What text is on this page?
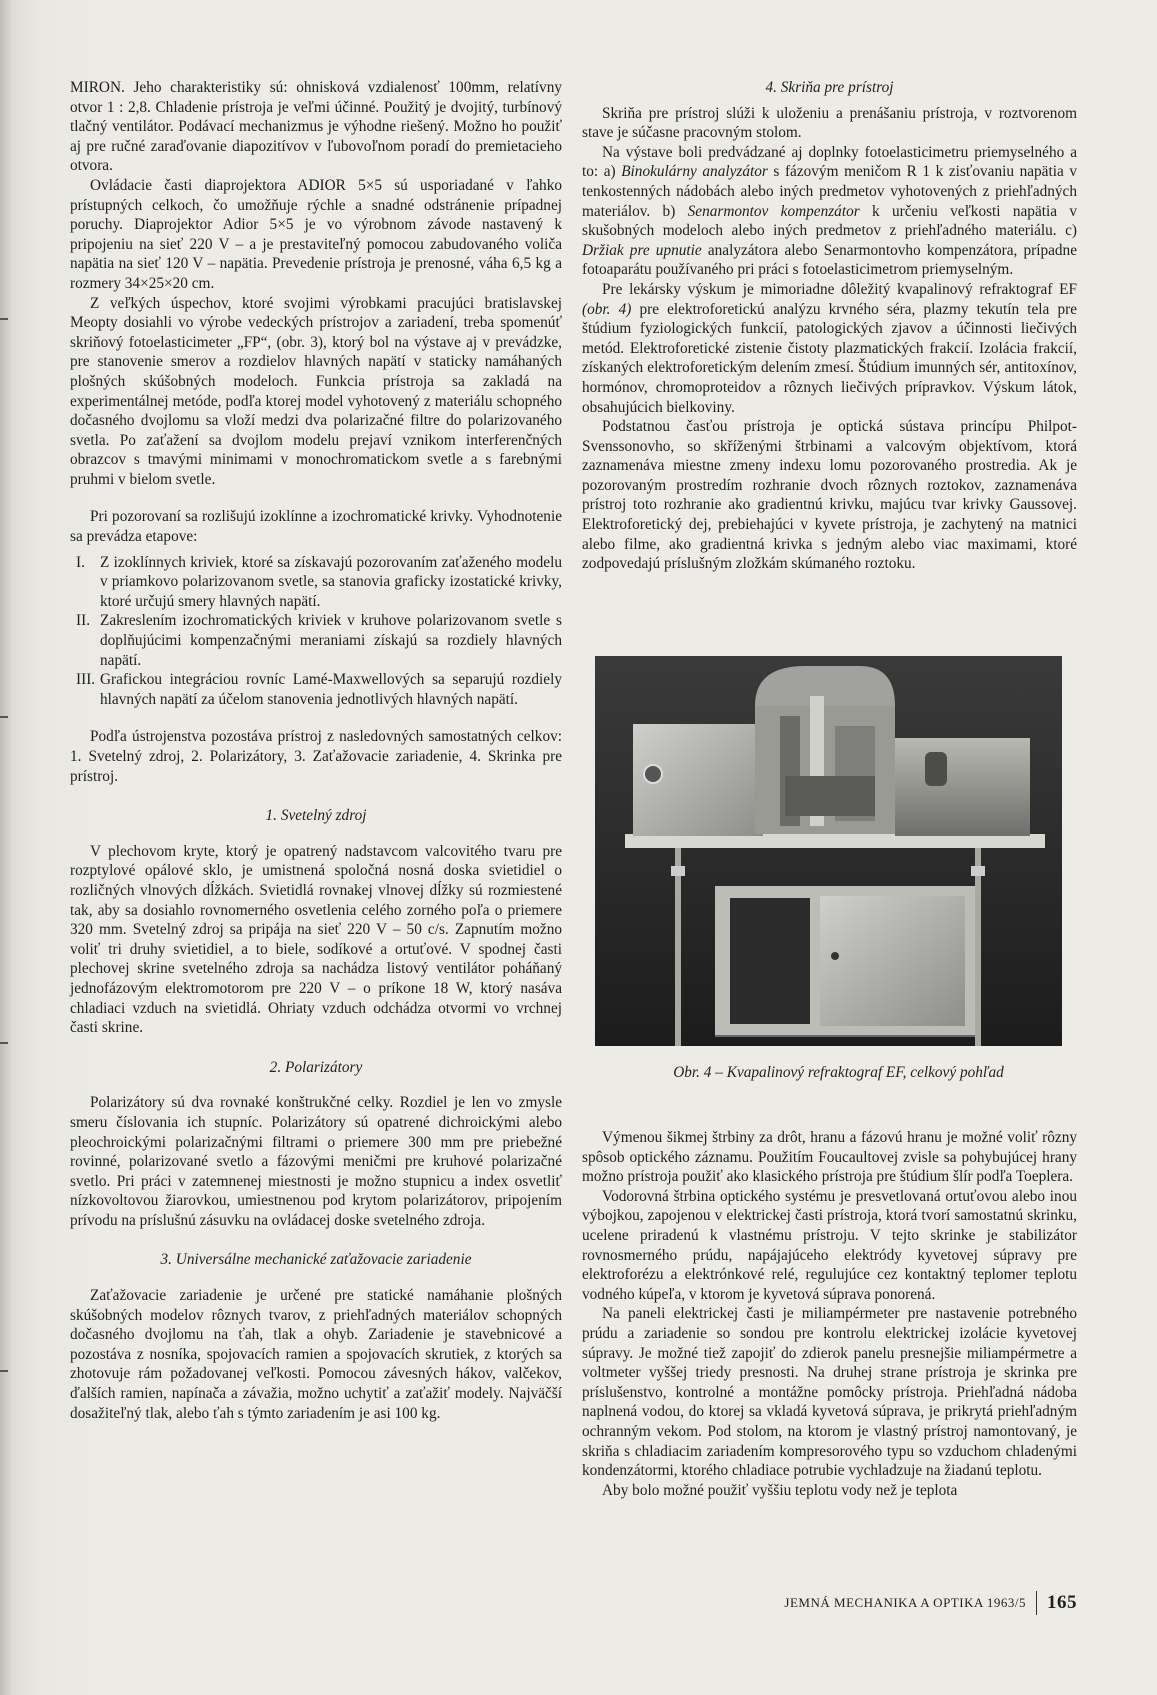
MIRON. Jeho charakteristiky sú: ohnisková vzdialenosť 100mm, relatívny otvor 1 : 2,8. Chladenie prístroja je veľmi účinné. Použitý je dvojitý, turbínový tlačný ventilátor. Podávací mechanizmus je výhodne riešený. Možno ho použiť aj pre ručné zaraďovanie diapozitívov v ľubovoľnom poradí do premietacieho otvora.

Ovládacie časti diaprojektora ADIOR 5×5 sú usporiadané v ľahko prístupných celkoch, čo umožňuje rýchle a snadné odstránenie prípadnej poruchy. Diaprojektor Adior 5×5 je vo výrobnom závode nastavený k pripojeniu na sieť 220 V – a je prestaviteľný pomocou zabudovaného voliča napätia na sieť 120 V – napätia. Prevedenie prístroja je prenosné, váha 6,5 kg a rozmery 34×25×20 cm.

Z veľkých úspechov, ktoré svojimi výrobkami pracujúci bratislavskej Meopty dosiahli vo výrobe vedeckých prístrojov a zariadení, treba spomenúť skriňový fotoelasticimeter „FP“, (obr. 3), ktorý bol na výstave aj v prevádzke, pre stanovenie smerov a rozdielov hlavných napätí v staticky namáhaných plošných skúšobných modeloch. Funkcia prístroja sa zakladá na experimentálnej metóde, podľa ktorej model vyhotovený z materiálu schopného dočasného dvojlomu sa vloží medzi dva polarizačné filtre do polarizovaného svetla. Po zaťažení sa dvojlom modelu prejaví vznikom interferenčných obrazcov s tmavými minimami v monochromatickom svetle a s farebnými pruhmi v bielom svetle.

Pri pozorovaní sa rozlišujú izoklínne a izochromatické krivky. Vyhodnotenie sa prevádza etapove:

I. Z izoklínnych kriviek, ktoré sa získavajú pozorovaním zaťaženého modelu v priamkovo polarizovanom svetle, sa stanovia graficky izostatické krivky, ktoré určujú smery hlavných napätí.
II. Zakreslením izochromatických kriviek v kruhove polarizovanom svetle s doplňujúcimi kompenzačnými meraniami získajú sa rozdiely hlavných napätí.
III. Grafickou integráciou rovníc Lamé-Maxwellových sa separujú rozdiely hlavných napätí za účelom stanovenia jednotlivých hlavných napätí.

Podľa ústrojenstva pozostáva prístroj z nasledovných samostatných celkov: 1. Svetelný zdroj, 2. Polarizátory, 3. Zaťažovacie zariadenie, 4. Skrinka pre prístroj.

1. Svetelný zdroj

V plechovom kryte, ktorý je opatrený nadstavcom valcovitého tvaru pre rozptylové opálové sklo, je umistnená spoločná nosná doska svietidiel o rozličných vlnových dĺžkách. Svietidlá rovnakej vlnovej dĺžky sú rozmiestené tak, aby sa dosiahlo rovnomerného osvetlenia celého zorného poľa o priemere 320 mm. Svetelný zdroj sa pripája na sieť 220 V – 50 c/s. Zapnutím možno voliť tri druhy svietidiel, a to biele, sodíkové a ortuťové. V spodnej časti plechovej skrine svetelného zdroja sa nachádza listový ventilátor poháňaný jednofázovým elektromotorom pre 220 V – o príkone 18 W, ktorý nasáva chladiaci vzduch na svietidlá. Ohriaty vzduch odchádza otvormi vo vrchnej časti skrine.

2. Polarizátory

Polarizátory sú dva rovnaké konštrukčné celky. Rozdiel je len vo zmysle smeru číslovania ich stupníc. Polarizátory sú opatrené dichroickými alebo pleochroickými polarizačnými filtrami o priemere 300 mm pre priebežné rovinné, polarizované svetlo a fázovými meničmi pre kruhové polarizačné svetlo. Pri práci v zatemnenej miestnosti je možno stupnicu a index osvetliť nízkovoltovou žiarovkou, umiestnenou pod krytom polarizátorov, pripojením prívodu na príslušnú zásuvku na ovládacej doske svetelného zdroja.

3. Universálne mechanické zaťažovacie zariadenie

Zaťažovacie zariadenie je určené pre statické namáhanie plošných skúšobných modelov rôznych tvarov, z priehľadných materiálov schopných dočasného dvojlomu na ťah, tlak a ohyb. Zariadenie je stavebnicové a pozostáva z nosníka, spojovacích ramien a spojovacích skrutiek, z ktorých sa zhotovuje rám požadovanej veľkosti. Pomocou závesných hákov, valčekov, ďalších ramien, napínača a závažia, možno uchytiť a zaťažiť modely. Najväčší dosažiteľný tlak, alebo ťah s týmto zariadením je asi 100 kg.

4. Skriňa pre prístroj

Skriňa pre prístroj slúži k uloženiu a prenášaniu prístroja, v roztvorenom stave je súčasne pracovným stolom.

Na výstave boli predvádzané aj doplnky fotoelasticimetru priemyselného a to: a) Binokulárny analyzátor s fázovým meničom R 1 k zisťovaniu napätia v tenkostenných nádobách alebo iných predmetov vyhotovených z priehľadných materiálov. b) Senarmontov kompenzátor k určeniu veľkosti napätia v skušobných modeloch alebo iných predmetov z priehľadného materiálu. c) Držiak pre upnutie analyzátora alebo Senarmontovho kompenzátora, prípadne fotoaparátu používaného pri práci s fotoelasticimetrom priemyselným.

Pre lekársky výskum je mimoriadne dôležitý kvapalinový refraktograf EF (obr. 4) pre elektroforetickú analýzu krvného séra, plazmy tekutín tela pre štúdium fyziologických funkcií, patologických zjavov a účinnosti liečivých metód. Elektroforetické zistenie čistoty plazmatických frakcií. Izolácia frakcií, získaných elektroforetickým delením zmesí. Štúdium imunných sér, antitoxínov, hormónov, chromoproteidov a rôznych liečivých prípravkov. Výskum látok, obsahujúcich bielkoviny.

Podstatnou časťou prístroja je optická sústava princípu Philpot-Svenssonovho, so skříženými štrbinami a valcovým objektívom, ktorá zaznamenáva miestne zmeny indexu lomu pozorovaného prostredia. Ak je pozorovaným prostredím rozhranie dvoch rôznych roztokov, zaznamenáva prístroj toto rozhranie ako gradientnú krivku, majúcu tvar krivky Gaussovej. Elektroforetický dej, prebiehajúci v kyvete prístroja, je zachytený na matnici alebo filme, ako gradientná krivka s jedným alebo viac maximami, ktoré zodpovedajú príslušným zložkám skúmaného roztoku.

Obr. 4 – Kvapalinový refraktograf EF, celkový pohľad

Výmenou šikmej štrbiny za drôt, hranu a fázovú hranu je možné voliť rôzny spôsob optického záznamu. Použitím Foucaultovej zvisle sa pohybujúcej hrany možno prístroja použiť ako klasického prístroja pre štúdium šlír podľa Toeplera.

Vodorovná štrbina optického systému je presvetlovaná ortuťovou alebo inou výbojkou, zapojenou v elektrickej časti prístroja, ktorá tvorí samostatnú skrinku, ucelene priradenú k vlastnému prístroju. V tejto skrinke je stabilizátor rovnosmerného prúdu, napájajúceho elektródy kyvetovej súpravy pre elektroforézu a elektrónkové relé, regulujúce cez kontaktný teplomer teplotu vodného kúpeľa, v ktorom je kyvetová súprava ponorená.

Na paneli elektrickej časti je miliampérmeter pre nastavenie potrebného prúdu a zariadenie so sondou pre kontrolu elektrickej izolácie kyvetovej súpravy. Je možné tiež zapojiť do zdierok panelu presnejšie miliampérmetre a voltmeter vyššej triedy presnosti. Na druhej strane prístroja je skrinka pre príslušenstvo, kontrolné a montážne pomôcky prístroja. Priehľadná nádoba naplnená vodou, do ktorej sa vkladá kyvetová súprava, je prikrytá priehľadným ochranným vekom. Pod stolom, na ktorom je vlastný prístroj namontovaný, je skriňa s chladiacim zariadením kompresorového typu so vzduchom chladenými kondenzátormi, ktorého chladiace potrubie vychladzuje na žiadanú teplotu.

Aby bolo možné použiť vyššiu teplotu vody než je teplota

JEMNÁ MECHANIKA A OPTIKA 1963/5 165
